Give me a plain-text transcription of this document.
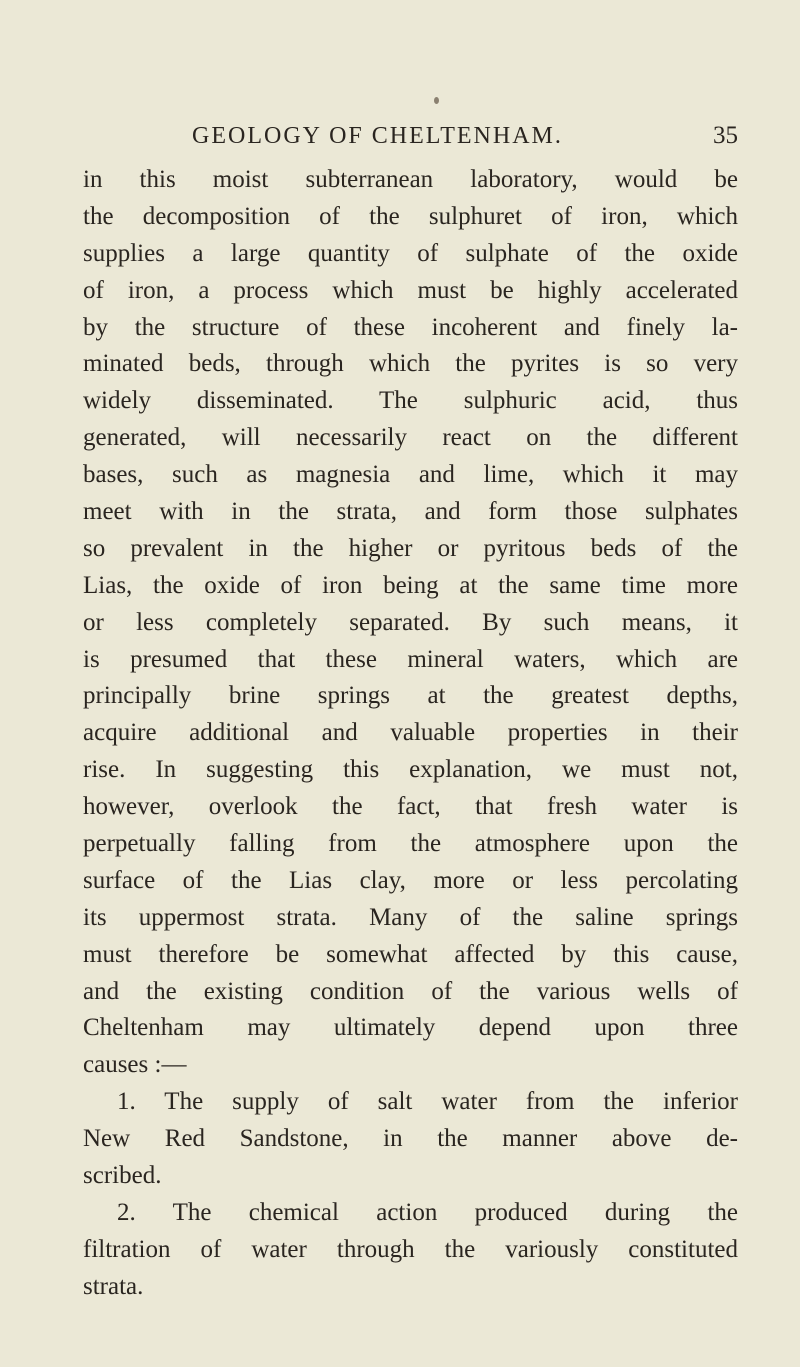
GEOLOGY OF CHELTENHAM.	35
in this moist subterranean laboratory, would be
the decomposition of the sulphuret of iron, which
supplies a large quantity of sulphate of the oxide
of iron, a process which must be highly accelerated
by the structure of these incoherent and finely la-
minated beds, through which the pyrites is so very
widely disseminated. The sulphuric acid, thus
generated, will necessarily react on the different
bases, such as magnesia and lime, which it may
meet with in the strata, and form those sulphates
so prevalent in the higher or pyritous beds of the
Lias, the oxide of iron being at the same time more
or less completely separated. By such means, it
is presumed that these mineral waters, which are
principally brine springs at the greatest depths,
acquire additional and valuable properties in their
rise. In suggesting this explanation, we must not,
however, overlook the fact, that fresh water is
perpetually falling from the atmosphere upon the
surface of the Lias clay, more or less percolating
its uppermost strata. Many of the saline springs
must therefore be somewhat affected by this cause,
and the existing condition of the various wells of
Cheltenham may ultimately depend upon three
causes :—
1. The supply of salt water from the inferior
New Red Sandstone, in the manner above de-
scribed.
2. The chemical action produced during the
filtration of water through the variously constituted
strata.
